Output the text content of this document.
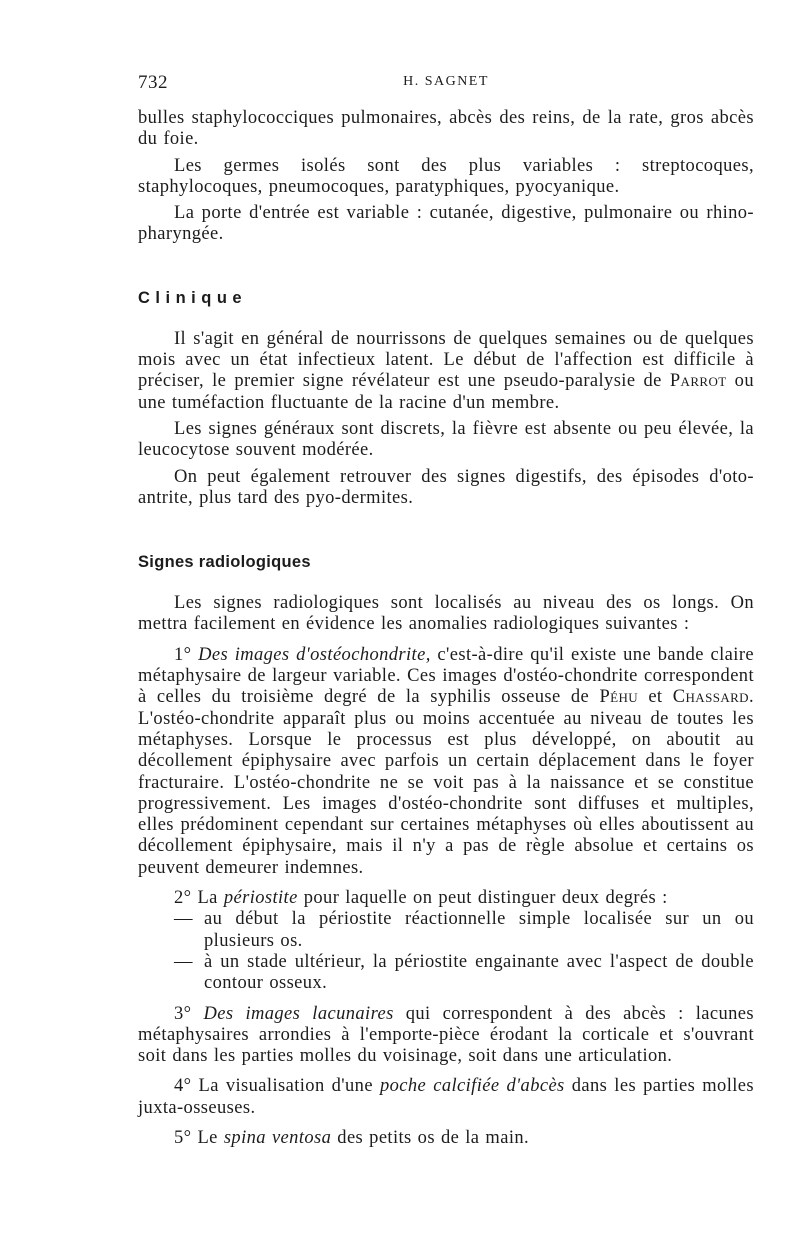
732	H. SAGNET

bulles staphylococciques pulmonaires, abcès des reins, de la rate, gros abcès du foie.

Les germes isolés sont des plus variables : streptocoques, staphylocoques, pneumocoques, paratyphiques, pyocyanique.

La porte d'entrée est variable : cutanée, digestive, pulmonaire ou rhino-pharyngée.

Clinique

Il s'agit en général de nourrissons de quelques semaines ou de quelques mois avec un état infectieux latent. Le début de l'affection est difficile à préciser, le premier signe révélateur est une pseudo-paralysie de Parrot ou une tuméfaction fluctuante de la racine d'un membre.

Les signes généraux sont discrets, la fièvre est absente ou peu élevée, la leucocytose souvent modérée.

On peut également retrouver des signes digestifs, des épisodes d'oto-antrite, plus tard des pyo-dermites.

Signes radiologiques

Les signes radiologiques sont localisés au niveau des os longs. On mettra facilement en évidence les anomalies radiologiques suivantes :

1° Des images d'ostéochondrite, c'est-à-dire qu'il existe une bande claire métaphysaire de largeur variable. Ces images d'ostéo-chondrite correspondent à celles du troisième degré de la syphilis osseuse de Péhu et Chassard. L'ostéo-chondrite apparaît plus ou moins accentuée au niveau de toutes les métaphyses. Lorsque le processus est plus développé, on aboutit au décollement épiphysaire avec parfois un certain déplacement dans le foyer fracturaire. L'ostéo-chondrite ne se voit pas à la naissance et se constitue progressivement. Les images d'ostéo-chondrite sont diffuses et multiples, elles prédominent cependant sur certaines métaphyses où elles aboutissent au décollement épiphysaire, mais il n'y a pas de règle absolue et certains os peuvent demeurer indemnes.

2° La périostite pour laquelle on peut distinguer deux degrés :

— au début la périostite réactionnelle simple localisée sur un ou plusieurs os.

— à un stade ultérieur, la périostite engainante avec l'aspect de double contour osseux.

3° Des images lacunaires qui correspondent à des abcès : lacunes métaphysaires arrondies à l'emporte-pièce érodant la corticale et s'ouvrant soit dans les parties molles du voisinage, soit dans une articulation.

4° La visualisation d'une poche calcifiée d'abcès dans les parties molles juxta-osseuses.

5° Le spina ventosa des petits os de la main.
